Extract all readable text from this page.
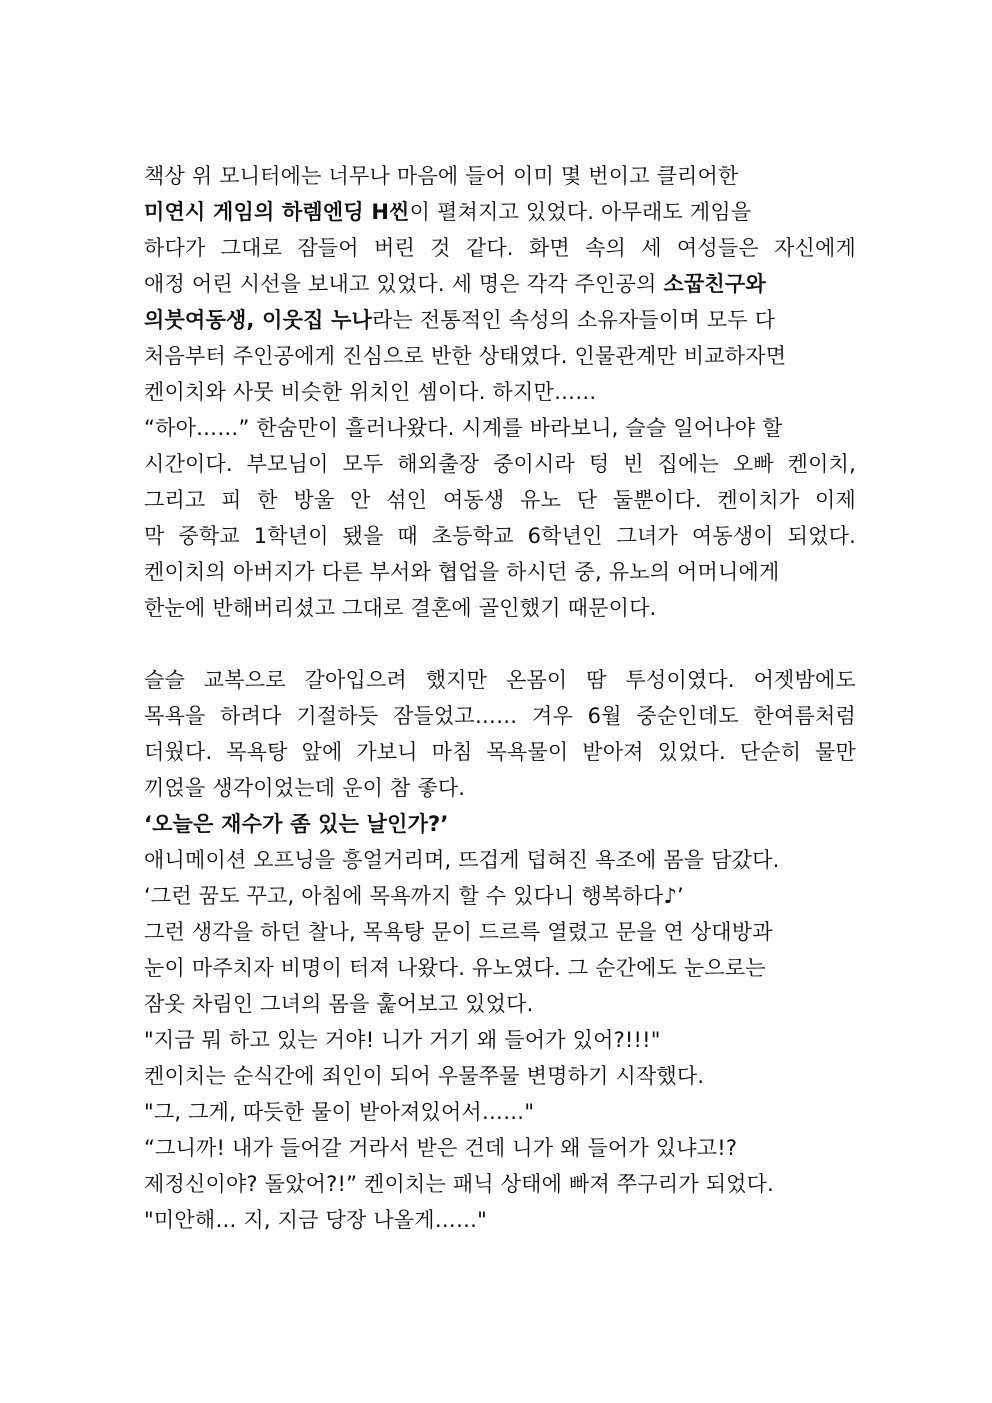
책상 위 모니터에는 너무나 마음에 들어 이미 몇 번이고 클리어한
미연시 게임의 하렘엔딩 H씬이 펼쳐지고 있었다. 아무래도 게임을
하다가 그대로 잠들어 버린 것 같다. 화면 속의 세 여성들은 자신에게
애정 어린 시선을 보내고 있었다. 세 명은 각각 주인공의 소꿉친구와
의붓여동생, 이웃집 누나라는 전통적인 속성의 소유자들이며 모두 다
처음부터 주인공에게 진심으로 반한 상태였다. 인물관계만 비교하자면
켄이치와 사뭇 비슷한 위치인 셈이다. 하지만……
“하아……” 한숨만이 흘러나왔다. 시계를 바라보니, 슬슬 일어나야 할
시간이다. 부모님이 모두 해외출장 중이시라 텅 빈 집에는 오빠 켄이치,
그리고 피 한 방울 안 섞인 여동생 유노 단 둘뿐이다. 켄이치가 이제
막 중학교 1학년이 됐을 때 초등학교 6학년인 그녀가 여동생이 되었다.
켄이치의 아버지가 다른 부서와 협업을 하시던 중, 유노의 어머니에게
한눈에 반해버리셨고 그대로 결혼에 골인했기 때문이다.
슬슬 교복으로 갈아입으려 했지만 온몸이 땀 투성이였다. 어젯밤에도
목욕을 하려다 기절하듯 잠들었고…… 겨우 6월 중순인데도 한여름처럼
더웠다. 목욕탕 앞에 가보니 마침 목욕물이 받아져 있었다. 단순히 물만
끼얹을 생각이었는데 운이 참 좋다.
‘오늘은 재수가 좀 있는 날인가?’
애니메이션 오프닝을 흥얼거리며, 뜨겁게 덥혀진 욕조에 몸을 담갔다.
‘그런 꿈도 꾸고, 아침에 목욕까지 할 수 있다니 행복하다♪’
그런 생각을 하던 찰나, 목욕탕 문이 드르륵 열렸고 문을 연 상대방과
눈이 마주치자 비명이 터져 나왔다. 유노였다. 그 순간에도 눈으로는
잠옷 차림인 그녀의 몸을 훑어보고 있었다.
"지금 뭐 하고 있는 거야! 니가 거기 왜 들어가 있어?!!!"
켄이치는 순식간에 죄인이 되어 우물쭈물 변명하기 시작했다.
"그, 그게, 따듯한 물이 받아져있어서……"
“그니까! 내가 들어갈 거라서 받은 건데 니가 왜 들어가 있냐고!?
제정신이야? 돌았어?!” 켄이치는 패닉 상태에 빠져 쭈구리가 되었다.
"미안해… 지, 지금 당장 나올게……"
